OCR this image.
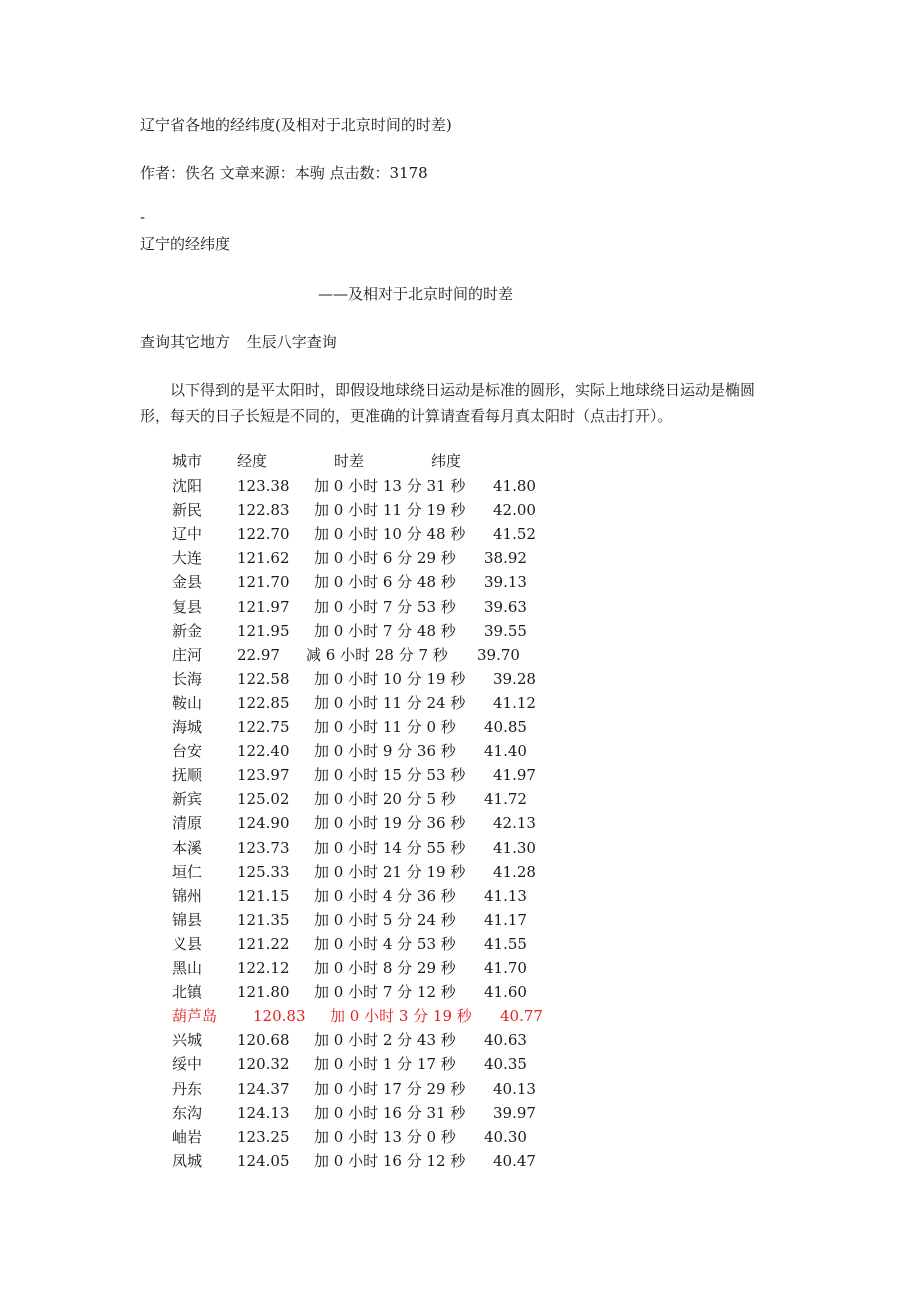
辽宁省各地的经纬度(及相对于北京时间的时差)
作者：佚名 文章来源：本驹 点击数：3178
-
辽宁的经纬度
——及相对于北京时间的时差
查询其它地方 生辰八字查询
以下得到的是平太阳时，即假设地球绕日运动是标准的圆形，实际上地球绕日运动是椭圆形，每天的日子长短是不同的，更准确的计算请查看每月真太阳时（点击打开）。
城市 经度	时差	纬度
沈阳 123.38 加 0 小时 13 分 31 秒 41.80
新民 122.83 加 0 小时 11 分 19 秒 42.00
辽中 122.70 加 0 小时 10 分 48 秒 41.52
大连 121.62 加 0 小时 6 分 29 秒 38.92
金县 121.70 加 0 小时 6 分 48 秒 39.13
复县 121.97 加 0 小时 7 分 53 秒 39.63
新金 121.95 加 0 小时 7 分 48 秒 39.55
庄河 22.97 减 6 小时 28 分 7 秒 39.70
长海 122.58 加 0 小时 10 分 19 秒 39.28
鞍山 122.85 加 0 小时 11 分 24 秒 41.12
海城 122.75 加 0 小时 11 分 0 秒 40.85
台安 122.40 加 0 小时 9 分 36 秒 41.40
抚顺 123.97 加 0 小时 15 分 53 秒 41.97
新宾 125.02 加 0 小时 20 分 5 秒 41.72
清原 124.90 加 0 小时 19 分 36 秒 42.13
本溪 123.73 加 0 小时 14 分 55 秒 41.30
垣仁 125.33 加 0 小时 21 分 19 秒 41.28
锦州 121.15 加 0 小时 4 分 36 秒 41.13
锦县 121.35 加 0 小时 5 分 24 秒 41.17
义县 121.22 加 0 小时 4 分 53 秒 41.55
黑山 122.12 加 0 小时 8 分 29 秒 41.70
北镇 121.80 加 0 小时 7 分 12 秒 41.60
葫芦岛 120.83 加 0 小时 3 分 19 秒 40.77
兴城 120.68 加 0 小时 2 分 43 秒 40.63
绥中 120.32 加 0 小时 1 分 17 秒 40.35
丹东 124.37 加 0 小时 17 分 29 秒 40.13
东沟 124.13 加 0 小时 16 分 31 秒 39.97
岫岩 123.25 加 0 小时 13 分 0 秒 40.30
凤城 124.05 加 0 小时 16 分 12 秒 40.47
